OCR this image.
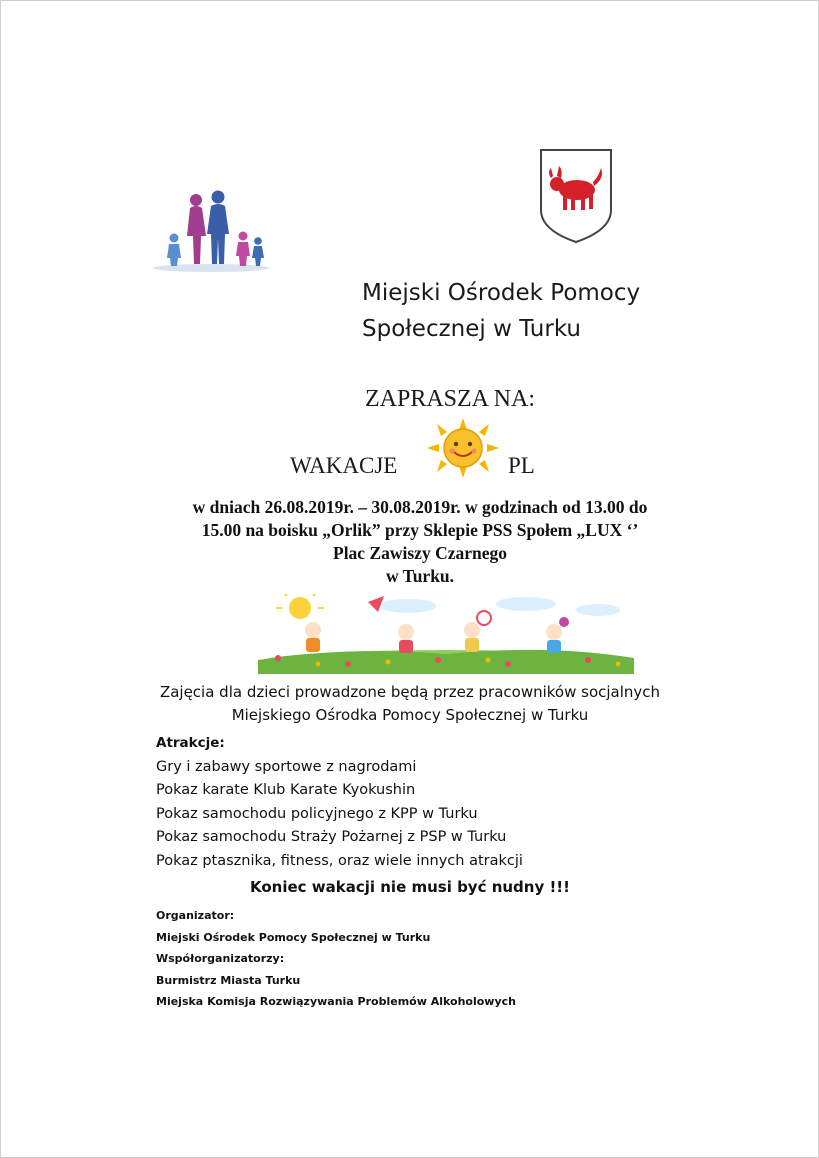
Miejski Ośrodek Pomocy
Społecznej w Turku
ZAPRASZA NA:
WAKACJE	PL
w dniach 26.08.2019r. – 30.08.2019r. w godzinach od 13.00 do
15.00 na boisku „Orlik” przy Sklepie PSS Społem „LUX ‘’
Plac Zawiszy Czarnego
w Turku.
Zajęcia dla dzieci prowadzone będą przez pracowników socjalnych
Miejskiego Ośrodka Pomocy Społecznej w Turku
Atrakcje:
Gry i zabawy sportowe z nagrodami
Pokaz karate Klub Karate Kyokushin
Pokaz samochodu policyjnego z KPP w Turku
Pokaz samochodu Straży Pożarnej z PSP w Turku
Pokaz ptasznika, fitness, oraz wiele innych atrakcji
Koniec wakacji nie musi być nudny !!!
Organizator:
Miejski Ośrodek Pomocy Społecznej w Turku
Współorganizatorzy:
Burmistrz Miasta Turku
Miejska Komisja Rozwiązywania Problemów Alkoholowych
